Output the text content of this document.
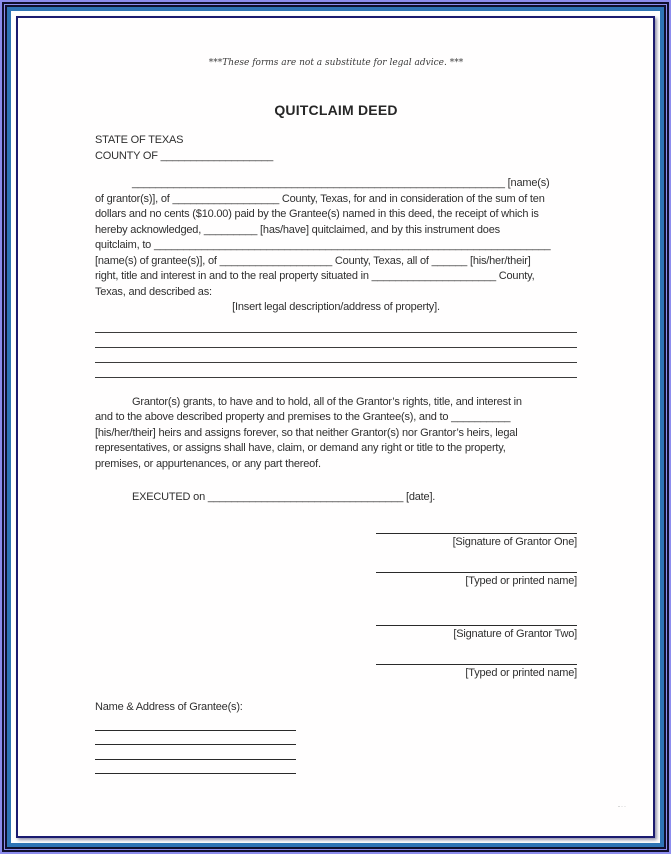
***These forms are not a substitute for legal advice. ***
QUITCLAIM DEED
STATE OF TEXAS
COUNTY OF ___________________
_______________________________________________________________ [name(s)
of grantor(s)], of __________________ County, Texas, for and in consideration of the sum of ten
dollars and no cents ($10.00) paid by the Grantee(s) named in this deed, the receipt of which is
hereby acknowledged, _________ [has/have] quitclaimed, and by this instrument does
quitclaim, to ___________________________________________________________________
[name(s) of grantee(s)], of ___________________ County, Texas, all of ______ [his/her/their]
right, title and interest in and to the real property situated in _____________________ County,
Texas, and described as:
[Insert legal description/address of property].
Grantor(s) grants, to have and to hold, all of the Grantor’s rights, title, and interest in
and to the above described property and premises to the Grantee(s), and to __________
[his/her/their] heirs and assigns forever, so that neither Grantor(s) nor Grantor’s heirs, legal
representatives, or assigns shall have, claim, or demand any right or title to the property,
premises, or appurtenances, or any part thereof.
EXECUTED on _________________________________ [date].
[Signature of Grantor One]
[Typed or printed name]
[Signature of Grantor Two]
[Typed or printed name]
Name & Address of Grantee(s):
-··
